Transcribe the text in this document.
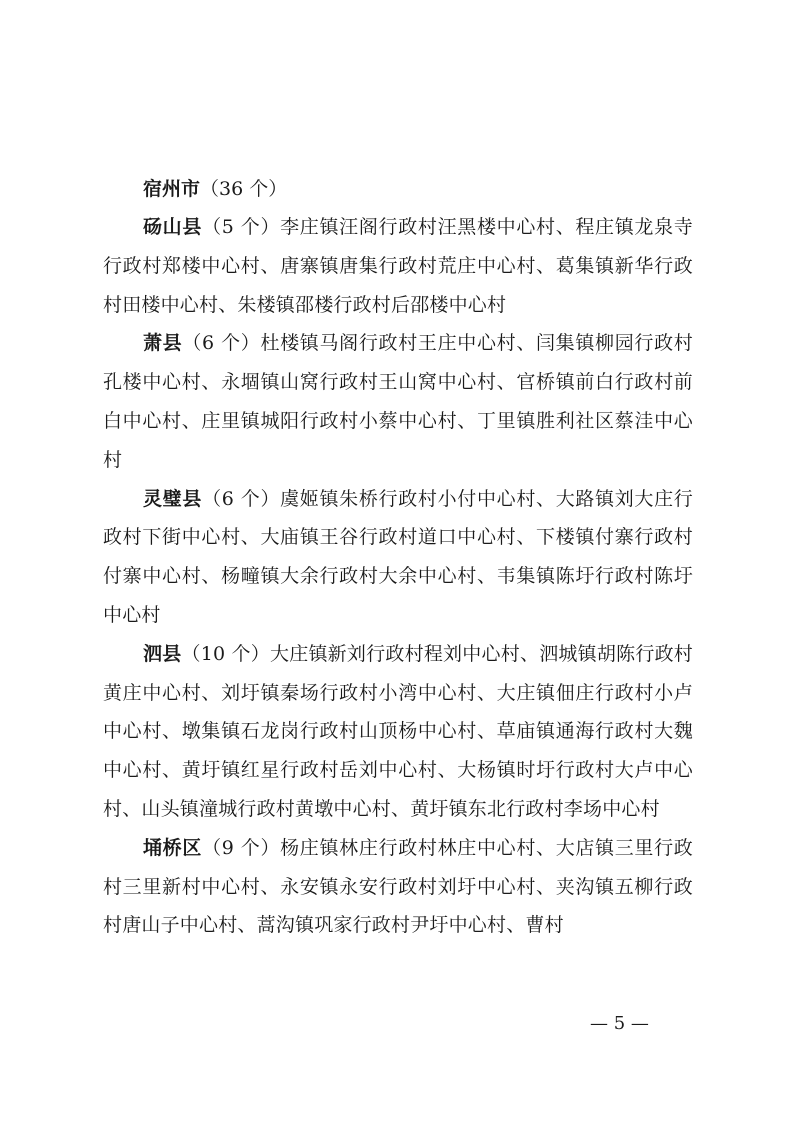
宿州市（36 个）

砀山县（5 个）李庄镇汪阁行政村汪黑楼中心村、程庄镇龙泉寺行政村郑楼中心村、唐寨镇唐集行政村荒庄中心村、葛集镇新华行政村田楼中心村、朱楼镇邵楼行政村后邵楼中心村

萧县（6 个）杜楼镇马阁行政村王庄中心村、闫集镇柳园行政村孔楼中心村、永堌镇山窝行政村王山窝中心村、官桥镇前白行政村前白中心村、庄里镇城阳行政村小蔡中心村、丁里镇胜利社区蔡洼中心村

灵璧县（6 个）虞姬镇朱桥行政村小付中心村、大路镇刘大庄行政村下街中心村、大庙镇王谷行政村道口中心村、下楼镇付寨行政村付寨中心村、杨疃镇大余行政村大余中心村、韦集镇陈圩行政村陈圩中心村

泗县（10 个）大庄镇新刘行政村程刘中心村、泗城镇胡陈行政村黄庄中心村、刘圩镇秦场行政村小湾中心村、大庄镇佃庄行政村小卢中心村、墩集镇石龙岗行政村山顶杨中心村、草庙镇通海行政村大魏中心村、黄圩镇红星行政村岳刘中心村、大杨镇时圩行政村大卢中心村、山头镇潼城行政村黄墩中心村、黄圩镇东北行政村李场中心村

埇桥区（9 个）杨庄镇林庄行政村林庄中心村、大店镇三里行政村三里新村中心村、永安镇永安行政村刘圩中心村、夹沟镇五柳行政村唐山子中心村、蒿沟镇巩家行政村尹圩中心村、曹村

— 5 —
